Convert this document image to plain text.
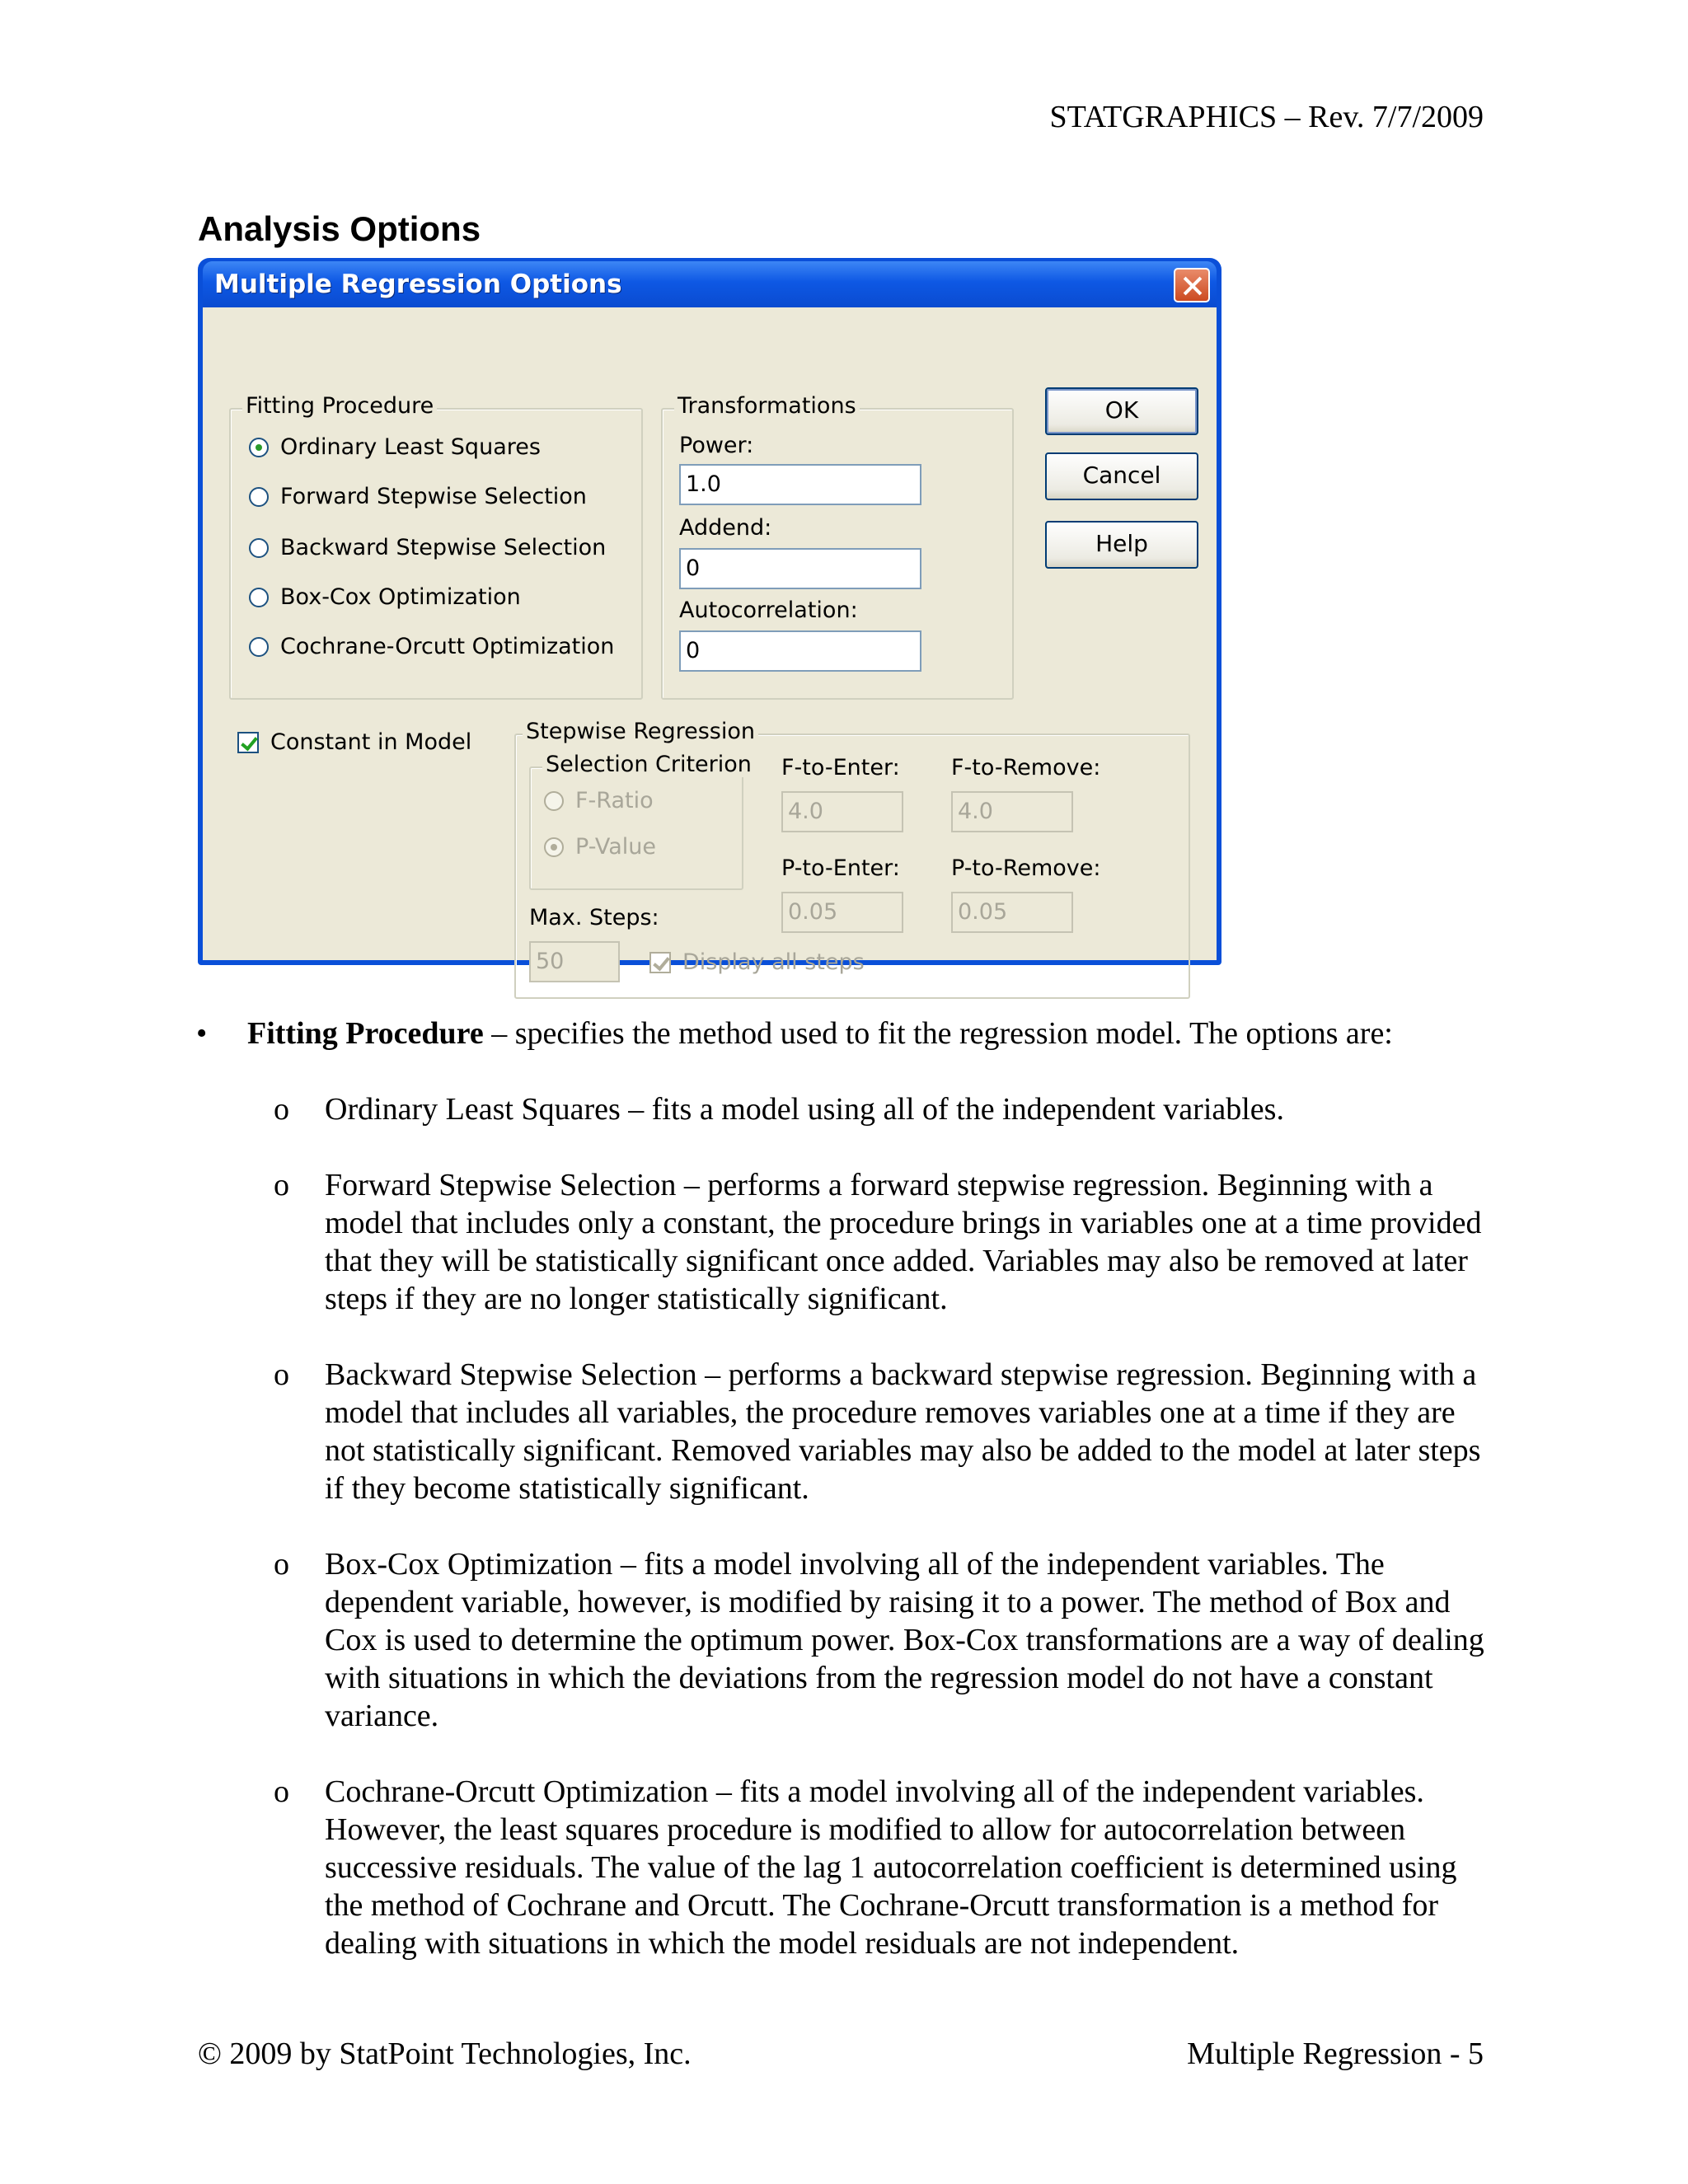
STATGRAPHICS – Rev. 7/7/2009
Analysis Options
Multiple Regression Options
Fitting Procedure
Ordinary Least Squares
Forward Stepwise Selection
Backward Stepwise Selection
Box-Cox Optimization
Cochrane-Orcutt Optimization
Transformations
Power:
1.0
Addend:
0
Autocorrelation:
0
OK
Cancel
Help
Constant in Model Stepwise Regression
Selection Criterion
F-Ratio
P-Value
F-to-Enter:
4.0
F-to-Remove:
4.0
P-to-Enter:
0.05
P-to-Remove:
0.05
Max. Steps:
50	Display all steps
• Fitting Procedure – specifies the method used to fit the regression model. The options are:
o Ordinary Least Squares – fits a model using all of the independent variables.
o Forward Stepwise Selection – performs a forward stepwise regression. Beginning with a model that includes only a constant, the procedure brings in variables one at a time provided that they will be statistically significant once added. Variables may also be removed at later steps if they are no longer statistically significant.
o Backward Stepwise Selection – performs a backward stepwise regression. Beginning with a model that includes all variables, the procedure removes variables one at a time if they are not statistically significant. Removed variables may also be added to the model at later steps if they become statistically significant.
o Box-Cox Optimization – fits a model involving all of the independent variables. The dependent variable, however, is modified by raising it to a power. The method of Box and Cox is used to determine the optimum power. Box-Cox transformations are a way of dealing with situations in which the deviations from the regression model do not have a constant variance.
o Cochrane-Orcutt Optimization – fits a model involving all of the independent variables. However, the least squares procedure is modified to allow for autocorrelation between successive residuals. The value of the lag 1 autocorrelation coefficient is determined using the method of Cochrane and Orcutt. The Cochrane-Orcutt transformation is a method for dealing with situations in which the model residuals are not independent.
© 2009 by StatPoint Technologies, Inc.	Multiple Regression - 5
